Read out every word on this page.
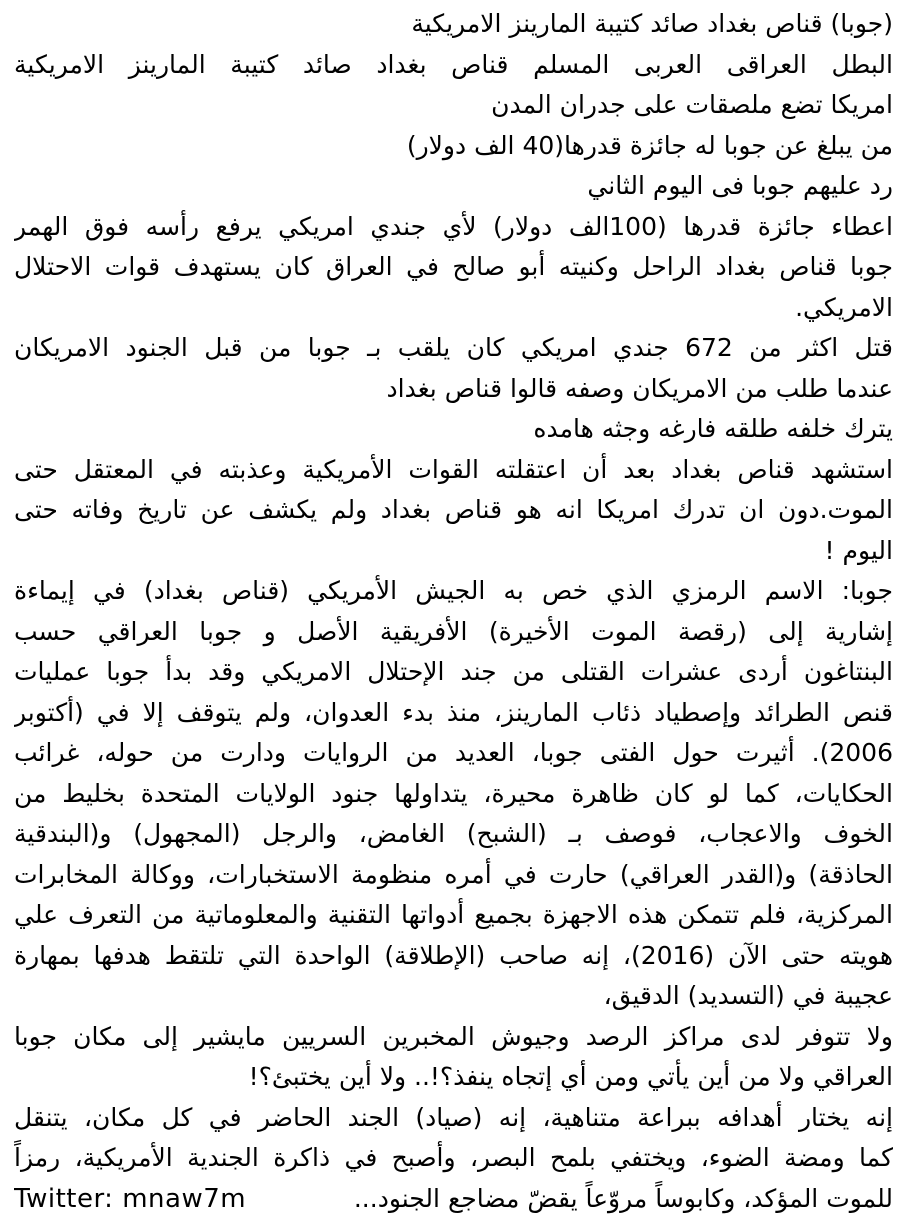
(جوبا) قناص بغداد صائد كتيبة المارينز الامريكية
البطل العراقى العربى المسلم قناص بغداد صائد كتيبة المارينز الامريكية
امريكا تضع ملصقات على جدران المدن
من يبلغ عن جوبا له جائزة قدرها(40 الف دولار)
رد عليهم جوبا فى اليوم الثاني
اعطاء جائزة قدرها (100الف دولار) لأي جندي امريكي يرفع رأسه فوق الهمر
جوبا قناص بغداد الراحل وكنيته أبو صالح في العراق كان يستهدف قوات الاحتلال
الامريكي.
قتل اكثر من 672 جندي امريكي كان يلقب بـ جوبا من قبل الجنود الامريكان
عندما طلب من الامريكان وصفه قالوا قناص بغداد
يترك خلفه طلقه فارغه وجثه هامده
استشهد قناص بغداد بعد أن اعتقلته القوات الأمريكية وعذبته في المعتقل حتى
الموت.دون ان تدرك امريكا انه هو قناص بغداد ولم يكشف عن تاريخ وفاته حتى
اليوم !
جوبا: الاسم الرمزي الذي خص به الجيش الأمريكي (قناص بغداد) في إيماءة
إشارية إلى (رقصة الموت الأخيرة) الأفريقية الأصل و جوبا العراقي حسب
البنتاغون أردى عشرات القتلى من جند الإحتلال الامريكي وقد بدأ جوبا عمليات
قنص الطرائد وإصطياد ذئاب المارينز، منذ بدء العدوان، ولم يتوقف إلا في (أكتوبر
2006). أثيرت حول الفتى جوبا، العديد من الروايات ودارت من حوله، غرائب
الحكايات، كما لو كان ظاهرة محيرة، يتداولها جنود الولايات المتحدة بخليط من
الخوف والاعجاب، فوصف بـ (الشبح) الغامض، والرجل (المجهول) و(البندقية
الحاذقة) و(القدر العراقي) حارت في أمره منظومة الاستخبارات، ووكالة المخابرات
المركزية، فلم تتمكن هذه الاجهزة بجميع أدواتها التقنية والمعلوماتية من التعرف علي
هويته حتى الآن (2016)، إنه صاحب (الإطلاقة) الواحدة التي تلتقط هدفها بمهارة
عجيبة في (التسديد) الدقيق،
ولا تتوفر لدى مراكز الرصد وجيوش المخبرين السريين مايشير إلى مكان جوبا
العراقي ولا من أين يأتي ومن أي إتجاه ينفذ؟!.. ولا أين يختبئ؟!
إنه يختار أهدافه ببراعة متناهية، إنه (صياد) الجند الحاضر في كل مكان، يتنقل
كما ومضة الضوء، ويختفي بلمح البصر، وأصبح في ذاكرة الجندية الأمريكية، رمزاً
للموت المؤكد، وكابوساً مروّعاً يقضّ مضاجع الجنود...
Twitter: mnaw7m
